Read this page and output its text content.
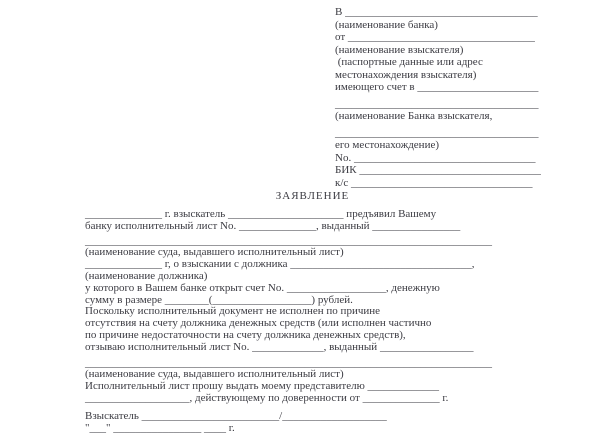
В ___________________________________
(наименование банка)
от __________________________________
(наименование взыскателя)
(паспортные данные или адрес
местонахождения взыскателя)
имеющего счет в ______________________
_____________________________________
(наименование Банка взыскателя,
_____________________________________
его местонахождение)
No. _________________________________
БИК _________________________________
к/с _________________________________
ЗАЯВЛЕНИЕ
______________ г. взыскатель _____________________ предъявил Вашему
банку исполнительный лист No. ______________, выданный ________________
__________________________________________________________________________
(наименование суда, выдавшего исполнительный лист)
______________ г, о взыскании с должника _________________________________,
(наименование должника)
у которого в Вашем банке открыт счет No. __________________, денежную
сумму в размере ________(__________________) рублей.
Поскольку исполнительный документ не исполнен по причине
отсутствия на счету должника денежных средств (или исполнен частично
по причине недостаточности на счету должника денежных средств),
отзываю исполнительный лист No. _____________, выданный _________________
__________________________________________________________________________
(наименование суда, выдавшего исполнительный лист)
Исполнительный лист прошу выдать моему представителю _____________
___________________, действующему по доверенности от ______________ г.
Взыскатель _________________________/___________________
"___" ________________ ____ г.
